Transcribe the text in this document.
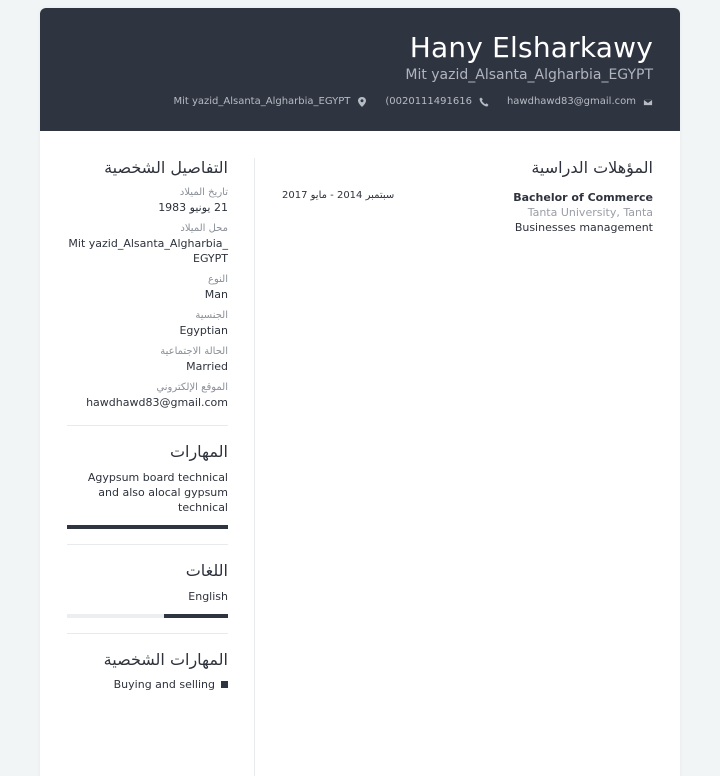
Hany Elsharkawy
Mit yazid_Alsanta_Algharbia_EGYPT
Mit yazid_Alsanta_Algharbia_EGYPT	(0020111491616	hawdhawd83@gmail.com
التفاصيل الشخصية
تاريخ الميلاد
21 يونيو 1983
محل الميلاد
Mit yazid_Alsanta_Algharbia_EGYPT
النوع
Man
الجنسية
Egyptian
الحالة الاجتماعية
Married
الموقع الإلكتروني
hawdhawd83@gmail.com
المهارات
Agypsum board technical and also alocal gypsum technical
اللغات
English
المهارات الشخصية
Buying and selling
المؤهلات الدراسية
سبتمبر 2014 - مايو 2017	Bachelor of Commerce
Tanta University, Tanta
Businesses management
